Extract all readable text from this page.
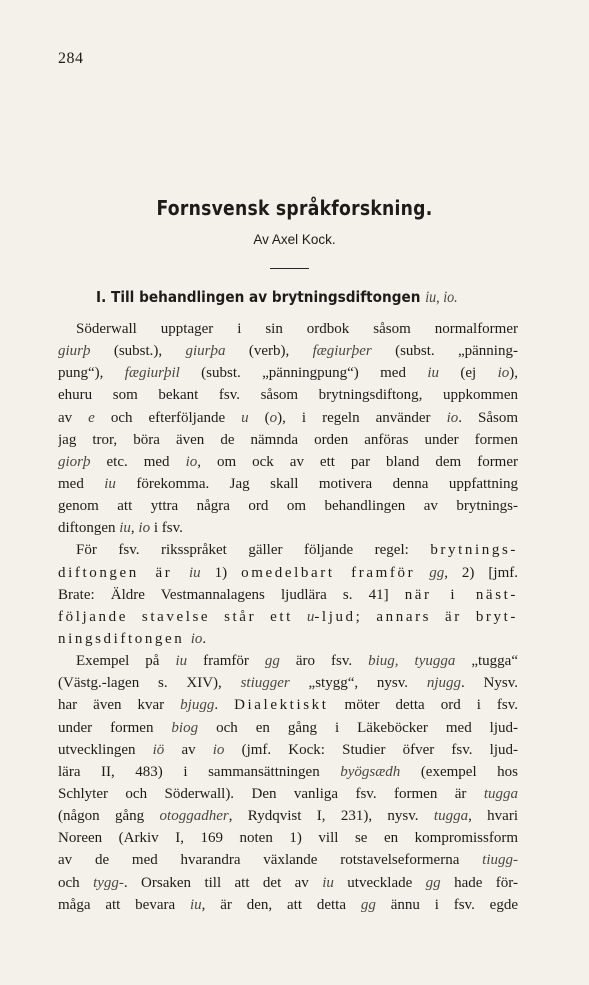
284
Fornsvensk språkforskning.
Av Axel Kock.
I. Till behandlingen av brytningsdiftongen iu, io.
Söderwall upptager i sin ordbok såsom normalformer
giurþ (subst.), giurþa (verb), fægiurþer (subst. „pänning-
pung“), fægiurþil (subst. „pänningpung“) med iu (ej io),
ehuru som bekant fsv. såsom brytningsdiftong, uppkommen
av e och efterföljande u (o), i regeln använder io. Såsom
jag tror, böra även de nämnda orden anföras under formen
giorþ etc. med io, om ock av ett par bland dem former
med iu förekomma. Jag skall motivera denna uppfattning
genom att yttra några ord om behandlingen av brytnings-
diftongen iu, io i fsv.
För fsv. riksspråket gäller följande regel: brytnings-
diftongen är iu 1) omedelbart framför gg, 2) [jmf.
Brate: Äldre Vestmannalagens ljudlära s. 41] när i näst-
följande stavelse står ett u-ljud; annars är bryt-
ningsdiftongen io.
Exempel på iu framför gg äro fsv. biug, tyugga „tugga“
(Västg.-lagen s. XIV), stiugger „stygg“, nysv. njugg. Nysv.
har även kvar bjugg. Dialektiskt möter detta ord i fsv.
under formen biog och en gång i Läkeböcker med ljud-
utvecklingen iö av io (jmf. Kock: Studier öfver fsv. ljud-
lära II, 483) i sammansättningen byögsædh (exempel hos
Schlyter och Söderwall). Den vanliga fsv. formen är tugga
(någon gång otoggadher, Rydqvist I, 231), nysv. tugga, hvari
Noreen (Arkiv I, 169 noten 1) vill se en kompromissform
av de med hvarandra växlande rotstavelseformerna tiugg-
och tygg-. Orsaken till att det av iu utvecklade gg hade för-
måga att bevara iu, är den, att detta gg ännu i fsv. egde
